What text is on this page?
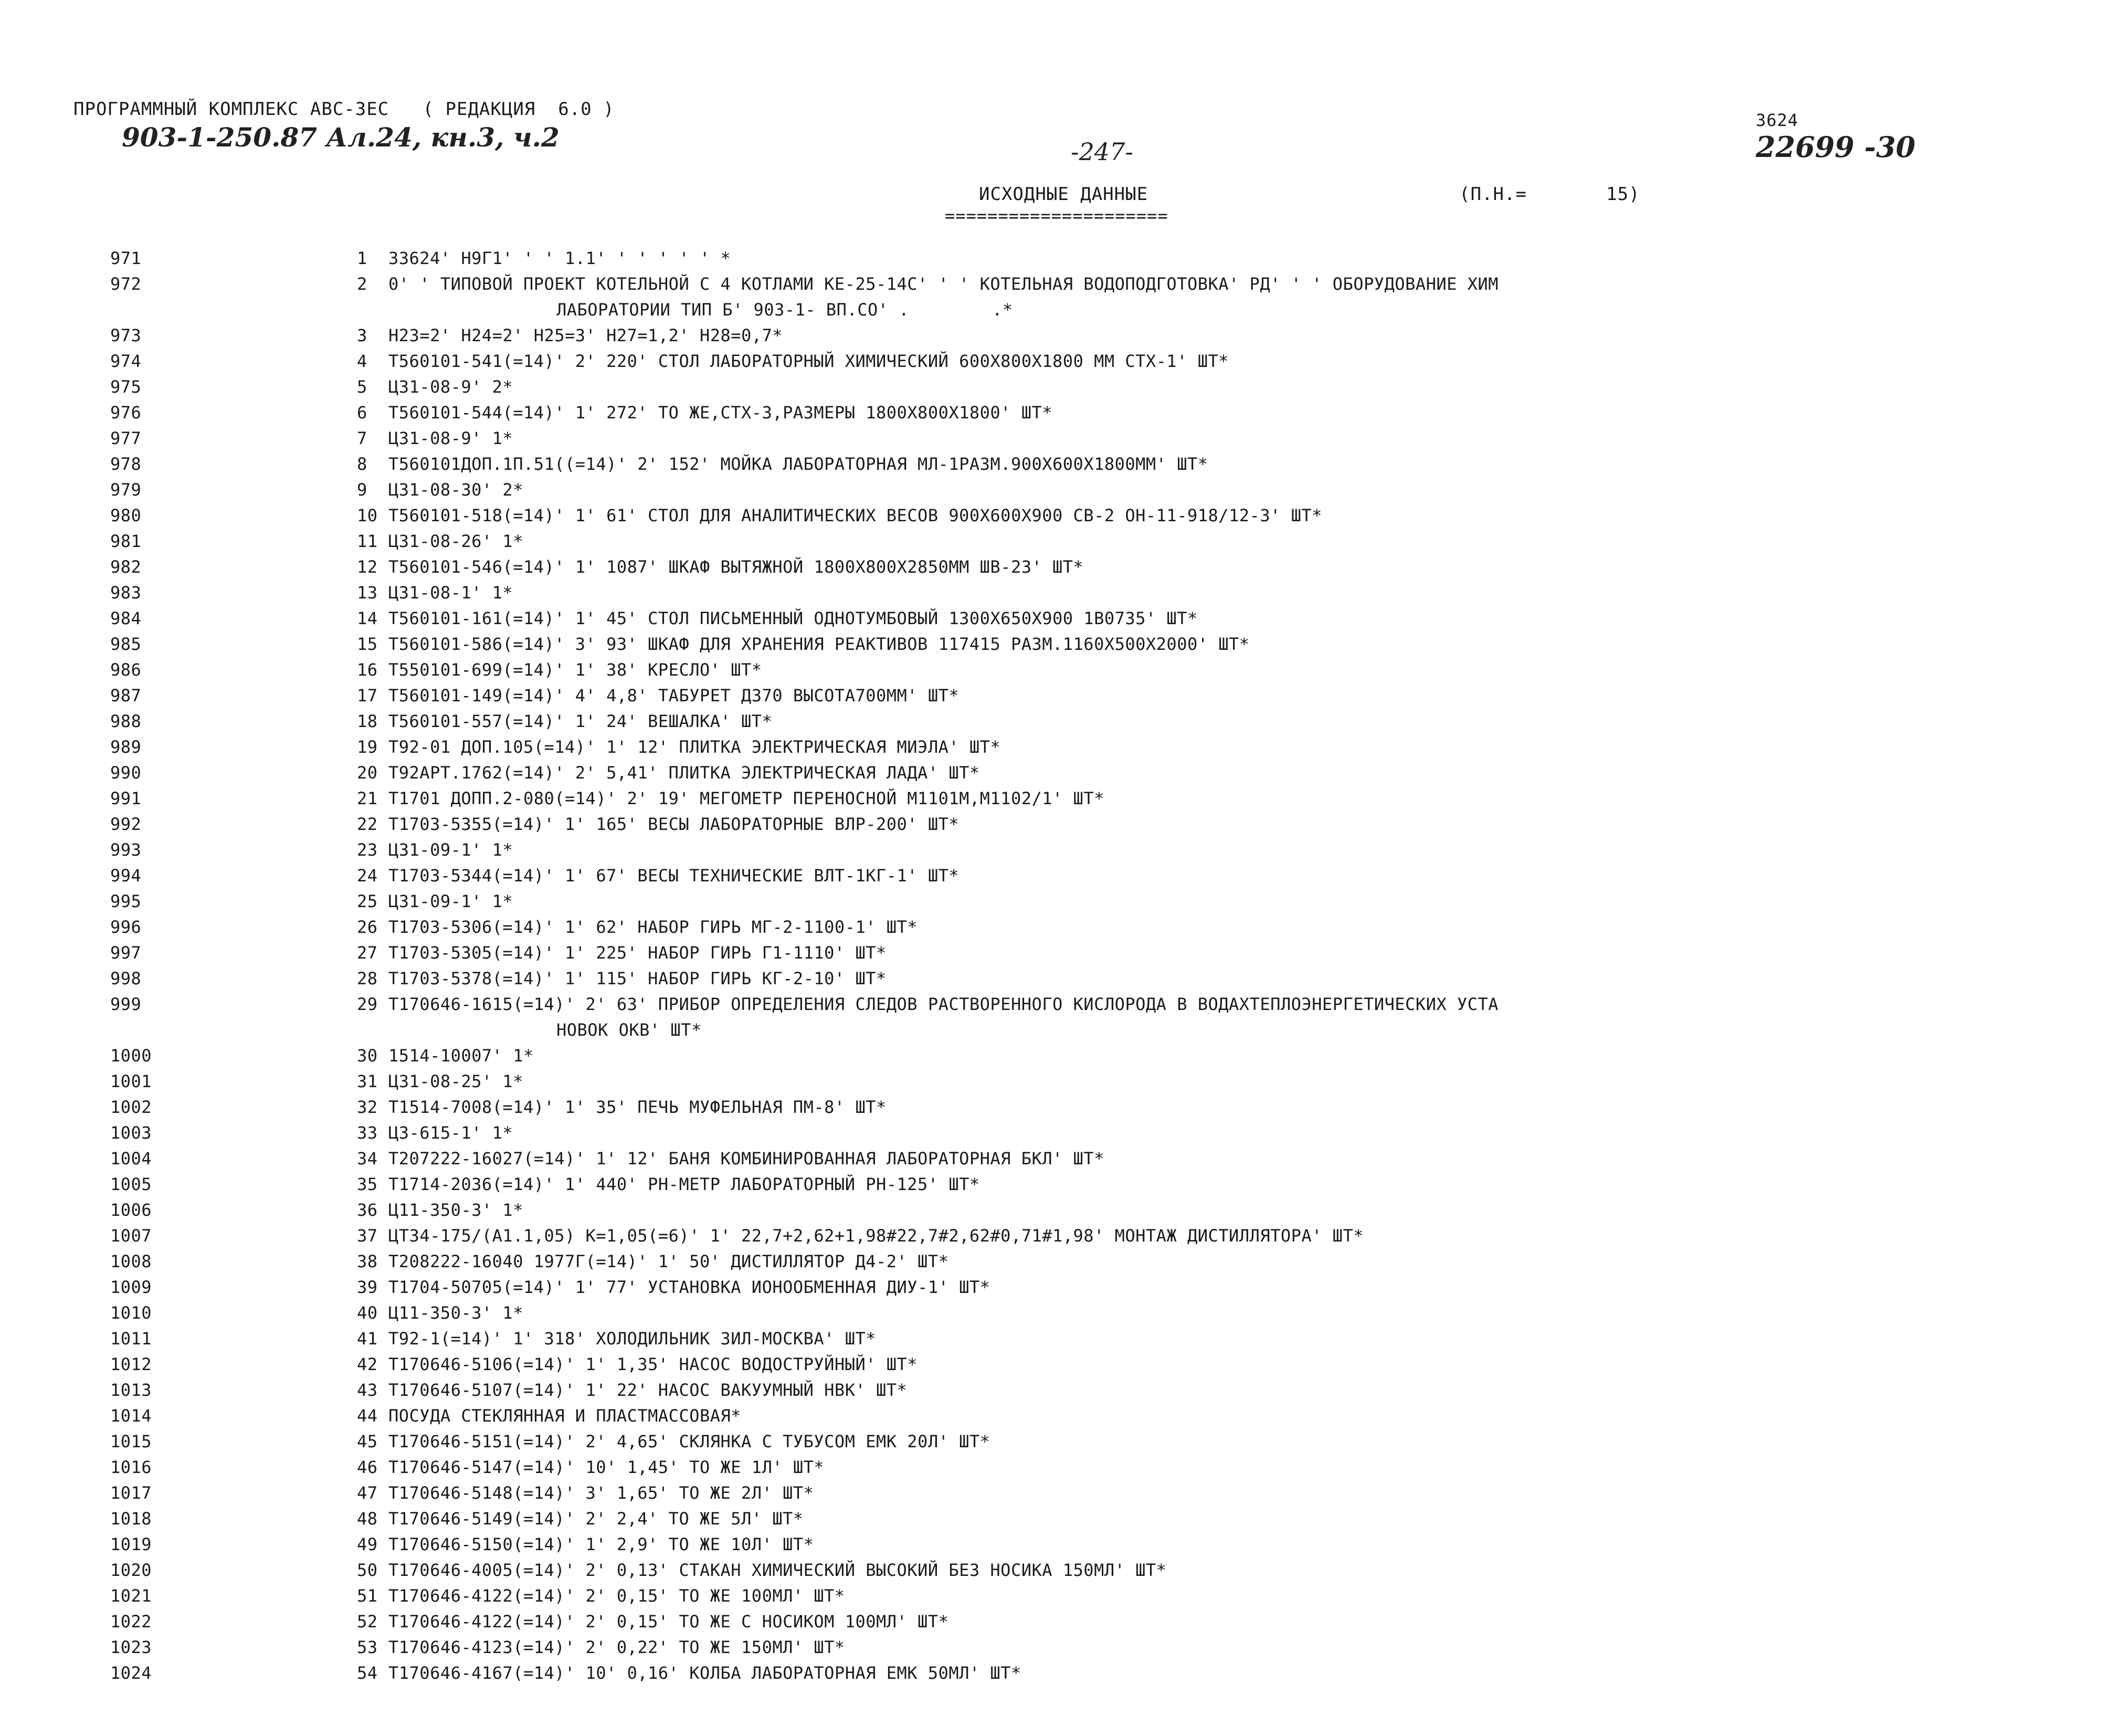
ПРОГРАММНЫЙ КОМПЛЕКС АВС-3ЕС   ( РЕДАКЦИЯ  6.0 )
903-1-250.87 Ал.24, кн.3, ч.2	-247-
3624
22699 -30
ИСХОДНЫЕ ДАННЫЕ
=====================
(П.Н.=	15)
971	1	33624' Н9Г1' ' ' 1.1' ' ' ' ' ' *
972	2	0' ' ТИПОВОЙ ПРОЕКТ КОТЕЛЬНОЙ С 4 КОТЛАМИ КЕ-25-14С' ' ' КОТЕЛЬНАЯ ВОДОПОДГОТОВКА' РД' ' ' ОБОРУДОВАНИЕ ХИМ
ЛАБОРАТОРИИ ТИП Б' 903-1- ВП.СО' .        .*
973	3	Н23=2' Н24=2' Н25=3' Н27=1,2' Н28=0,7*
974	4	Т560101-541(=14)' 2' 220' СТОЛ ЛАБОРАТОРНЫЙ ХИМИЧЕСКИЙ 600Х800Х1800 ММ СТХ-1' ШТ*
975	5	Ц31-08-9' 2*
976	6	Т560101-544(=14)' 1' 272' ТО ЖЕ,СТХ-3,РАЗМЕРЫ 1800Х800Х1800' ШТ*
977	7	Ц31-08-9' 1*
978	8	Т560101ДОП.1П.51((=14)' 2' 152' МОЙКА ЛАБОРАТОРНАЯ МЛ-1РАЗМ.900Х600Х1800ММ' ШТ*
979	9	Ц31-08-30' 2*
980	10 Т560101-518(=14)' 1' 61' СТОЛ ДЛЯ АНАЛИТИЧЕСКИХ ВЕСОВ 900Х600Х900 СВ-2 ОН-11-918/12-3' ШТ*
981	11 Ц31-08-26' 1*
982	12 Т560101-546(=14)' 1' 1087' ШКАФ ВЫТЯЖНОЙ 1800Х800Х2850ММ ШВ-23' ШТ*
983	13 Ц31-08-1' 1*
984	14 Т560101-161(=14)' 1' 45' СТОЛ ПИСЬМЕННЫЙ ОДНОТУМБОВЫЙ 1300Х650Х900 1В0735' ШТ*
985	15 Т560101-586(=14)' 3' 93' ШКАФ ДЛЯ ХРАНЕНИЯ РЕАКТИВОВ 117415 РАЗМ.1160Х500Х2000' ШТ*
986	16 Т550101-699(=14)' 1' 38' КРЕСЛО' ШТ*
987	17 Т560101-149(=14)' 4' 4,8' ТАБУРЕТ Д370 ВЫСОТА700ММ' ШТ*
988	18 Т560101-557(=14)' 1' 24' ВЕШАЛКА' ШТ*
989	19 Т92-01 ДОП.105(=14)' 1' 12' ПЛИТКА ЭЛЕКТРИЧЕСКАЯ МИЭЛА' ШТ*
990	20 Т92АРТ.1762(=14)' 2' 5,41' ПЛИТКА ЭЛЕКТРИЧЕСКАЯ ЛАДА' ШТ*
991	21 Т1701 ДОПП.2-080(=14)' 2' 19' МЕГОМЕТР ПЕРЕНОСНОЙ М1101М,М1102/1' ШТ*
992	22 Т1703-5355(=14)' 1' 165' ВЕСЫ ЛАБОРАТОРНЫЕ ВЛР-200' ШТ*
993	23 Ц31-09-1' 1*
994	24 Т1703-5344(=14)' 1' 67' ВЕСЫ ТЕХНИЧЕСКИЕ ВЛТ-1КГ-1' ШТ*
995	25 Ц31-09-1' 1*
996	26 Т1703-5306(=14)' 1' 62' НАБОР ГИРЬ МГ-2-1100-1' ШТ*
997	27 Т1703-5305(=14)' 1' 225' НАБОР ГИРЬ Г1-1110' ШТ*
998	28 Т1703-5378(=14)' 1' 115' НАБОР ГИРЬ КГ-2-10' ШТ*
999	29 Т170646-1615(=14)' 2' 63' ПРИБОР ОПРЕДЕЛЕНИЯ СЛЕДОВ РАСТВОРЕННОГО КИСЛОРОДА В ВОДАХТЕПЛОЭНЕРГЕТИЧЕСКИХ УСТА
НОВОК ОКВ' ШТ*
1000	30 1514-10007' 1*
1001	31 Ц31-08-25' 1*
1002	32 Т1514-7008(=14)' 1' 35' ПЕЧЬ МУФЕЛЬНАЯ ПМ-8' ШТ*
1003	33 Ц3-615-1' 1*
1004	34 Т207222-16027(=14)' 1' 12' БАНЯ КОМБИНИРОВАННАЯ ЛАБОРАТОРНАЯ БКЛ' ШТ*
1005	35 Т1714-2036(=14)' 1' 440' РН-МЕТР ЛАБОРАТОРНЫЙ РН-125' ШТ*
1006	36 Ц11-350-3' 1*
1007	37 ЦТ34-175/(А1.1,05) К=1,05(=6)' 1' 22,7+2,62+1,98#22,7#2,62#0,71#1,98' МОНТАЖ ДИСТИЛЛЯТОРА' ШТ*
1008	38 Т208222-16040 1977Г(=14)' 1' 50' ДИСТИЛЛЯТОР Д4-2' ШТ*
1009	39 Т1704-50705(=14)' 1' 77' УСТАНОВКА ИОНООБМЕННАЯ ДИУ-1' ШТ*
1010	40 Ц11-350-3' 1*
1011	41 Т92-1(=14)' 1' 318' ХОЛОДИЛЬНИК ЗИЛ-МОСКВА' ШТ*
1012	42 Т170646-5106(=14)' 1' 1,35' НАСОС ВОДОСТРУЙНЫЙ' ШТ*
1013	43 Т170646-5107(=14)' 1' 22' НАСОС ВАКУУМНЫЙ НВК' ШТ*
1014	44 ПОСУДА СТЕКЛЯННАЯ И ПЛАСТМАССОВАЯ*
1015	45 Т170646-5151(=14)' 2' 4,65' СКЛЯНКА С ТУБУСОМ ЕМК 20Л' ШТ*
1016	46 Т170646-5147(=14)' 10' 1,45' ТО ЖЕ 1Л' ШТ*
1017	47 Т170646-5148(=14)' 3' 1,65' ТО ЖЕ 2Л' ШТ*
1018	48 Т170646-5149(=14)' 2' 2,4' ТО ЖЕ 5Л' ШТ*
1019	49 Т170646-5150(=14)' 1' 2,9' ТО ЖЕ 10Л' ШТ*
1020	50 Т170646-4005(=14)' 2' 0,13' СТАКАН ХИМИЧЕСКИЙ ВЫСОКИЙ БЕЗ НОСИКА 150МЛ' ШТ*
1021	51 Т170646-4122(=14)' 2' 0,15' ТО ЖЕ 100МЛ' ШТ*
1022	52 Т170646-4122(=14)' 2' 0,15' ТО ЖЕ С НОСИКОМ 100МЛ' ШТ*
1023	53 Т170646-4123(=14)' 2' 0,22' ТО ЖЕ 150МЛ' ШТ*
1024	54 Т170646-4167(=14)' 10' 0,16' КОЛБА ЛАБОРАТОРНАЯ ЕМК 50МЛ' ШТ*
